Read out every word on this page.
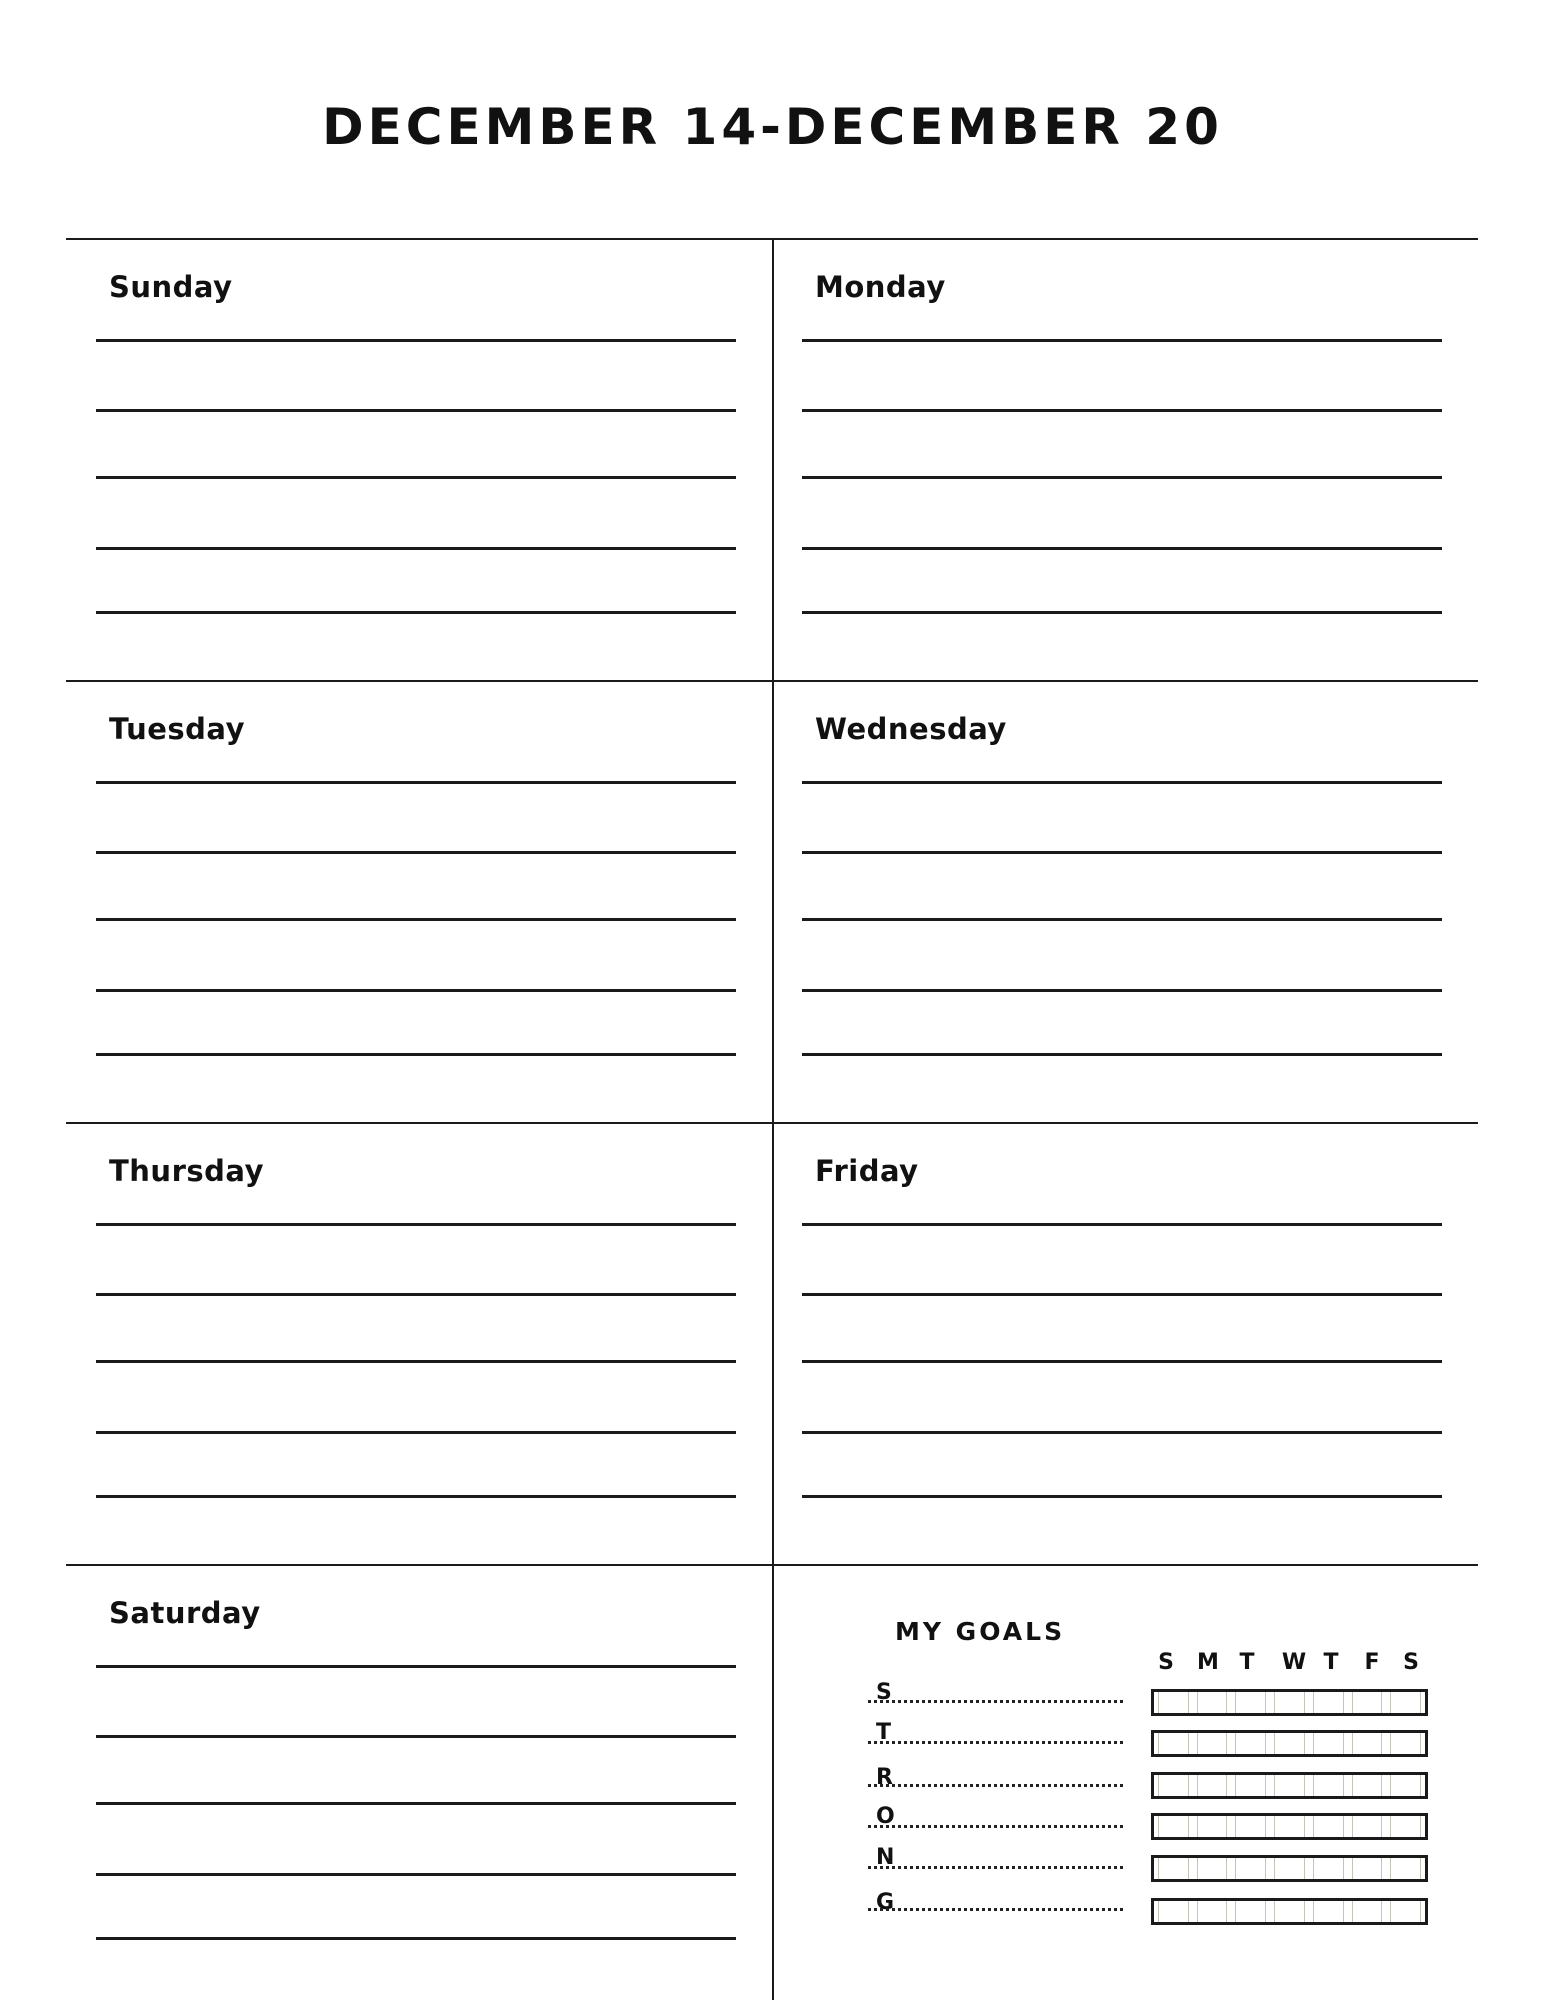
DECEMBER 14-DECEMBER 20
Sunday	Monday
Tuesday	Wednesday
Thursday	Friday
Saturday
MY GOALS
S	M T	W T	F	S
S
T
R
O
N
G
